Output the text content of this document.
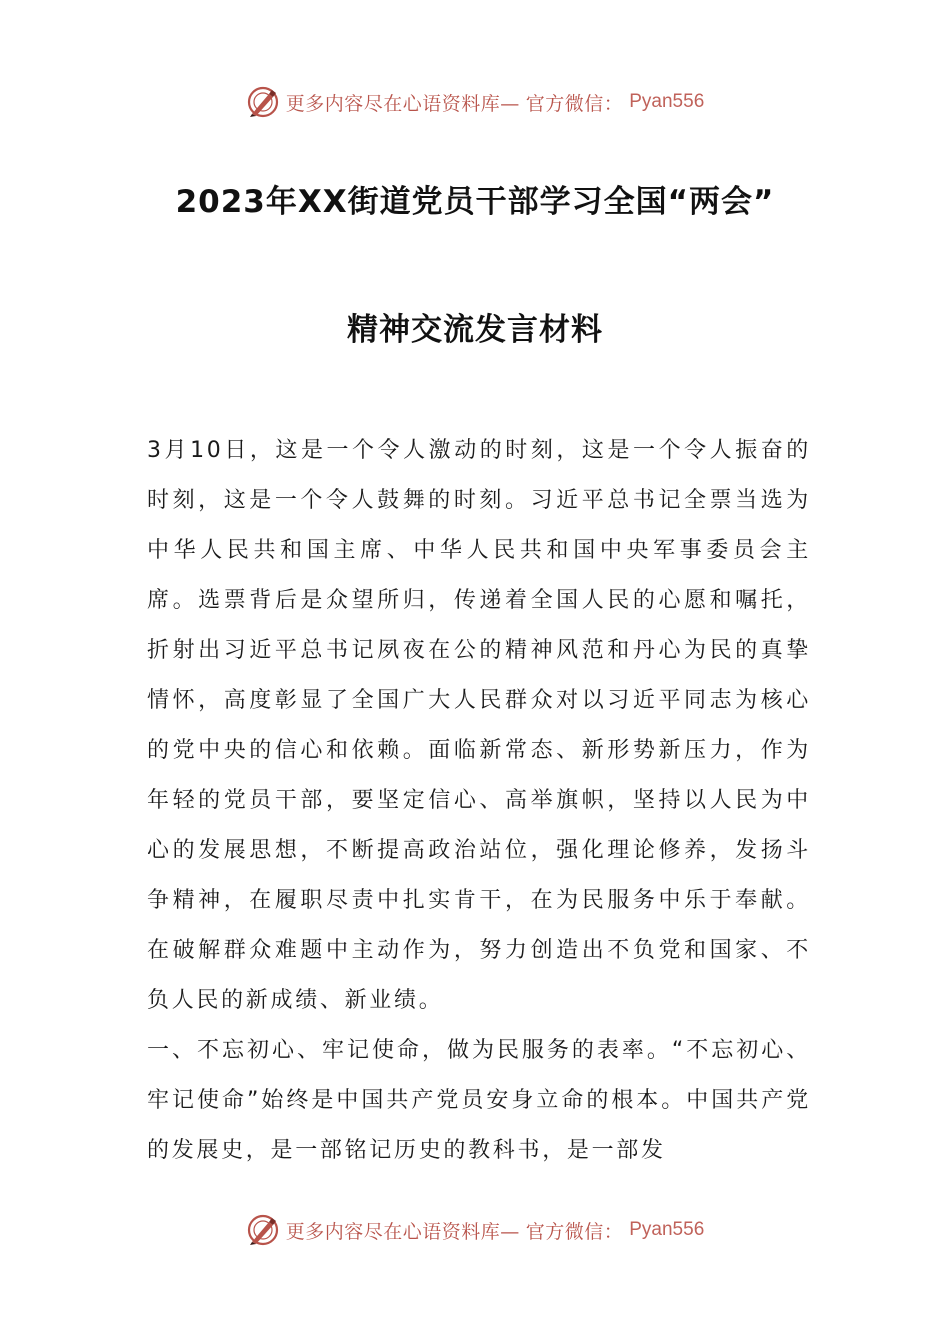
更多内容尽在心语资料库— 官方微信： Pyan556
2023年XX街道党员干部学习全国“两会”
精神交流发言材料

3月10日，这是一个令人激动的时刻，这是一个令人振奋的时刻，这是一个令人鼓舞的时刻。习近平总书记全票当选为中华人民共和国主席、中华人民共和国中央军事委员会主席。选票背后是众望所归，传递着全国人民的心愿和嘱托，折射出习近平总书记夙夜在公的精神风范和丹心为民的真挚情怀，高度彰显了全国广大人民群众对以习近平同志为核心的党中央的信心和依赖。面临新常态、新形势新压力，作为年轻的党员干部，要坚定信心、高举旗帜，坚持以人民为中心的发展思想，不断提高政治站位，强化理论修养，发扬斗争精神，在履职尽责中扎实肯干，在为民服务中乐于奉献。在破解群众难题中主动作为，努力创造出不负党和国家、不负人民的新成绩、新业绩。

一、不忘初心、牢记使命，做为民服务的表率。“不忘初心、牢记使命”始终是中国共产党员安身立命的根本。中国共产党的发展史，是一部铭记历史的教科书，是一部发

更多内容尽在心语资料库— 官方微信： Pyan556
